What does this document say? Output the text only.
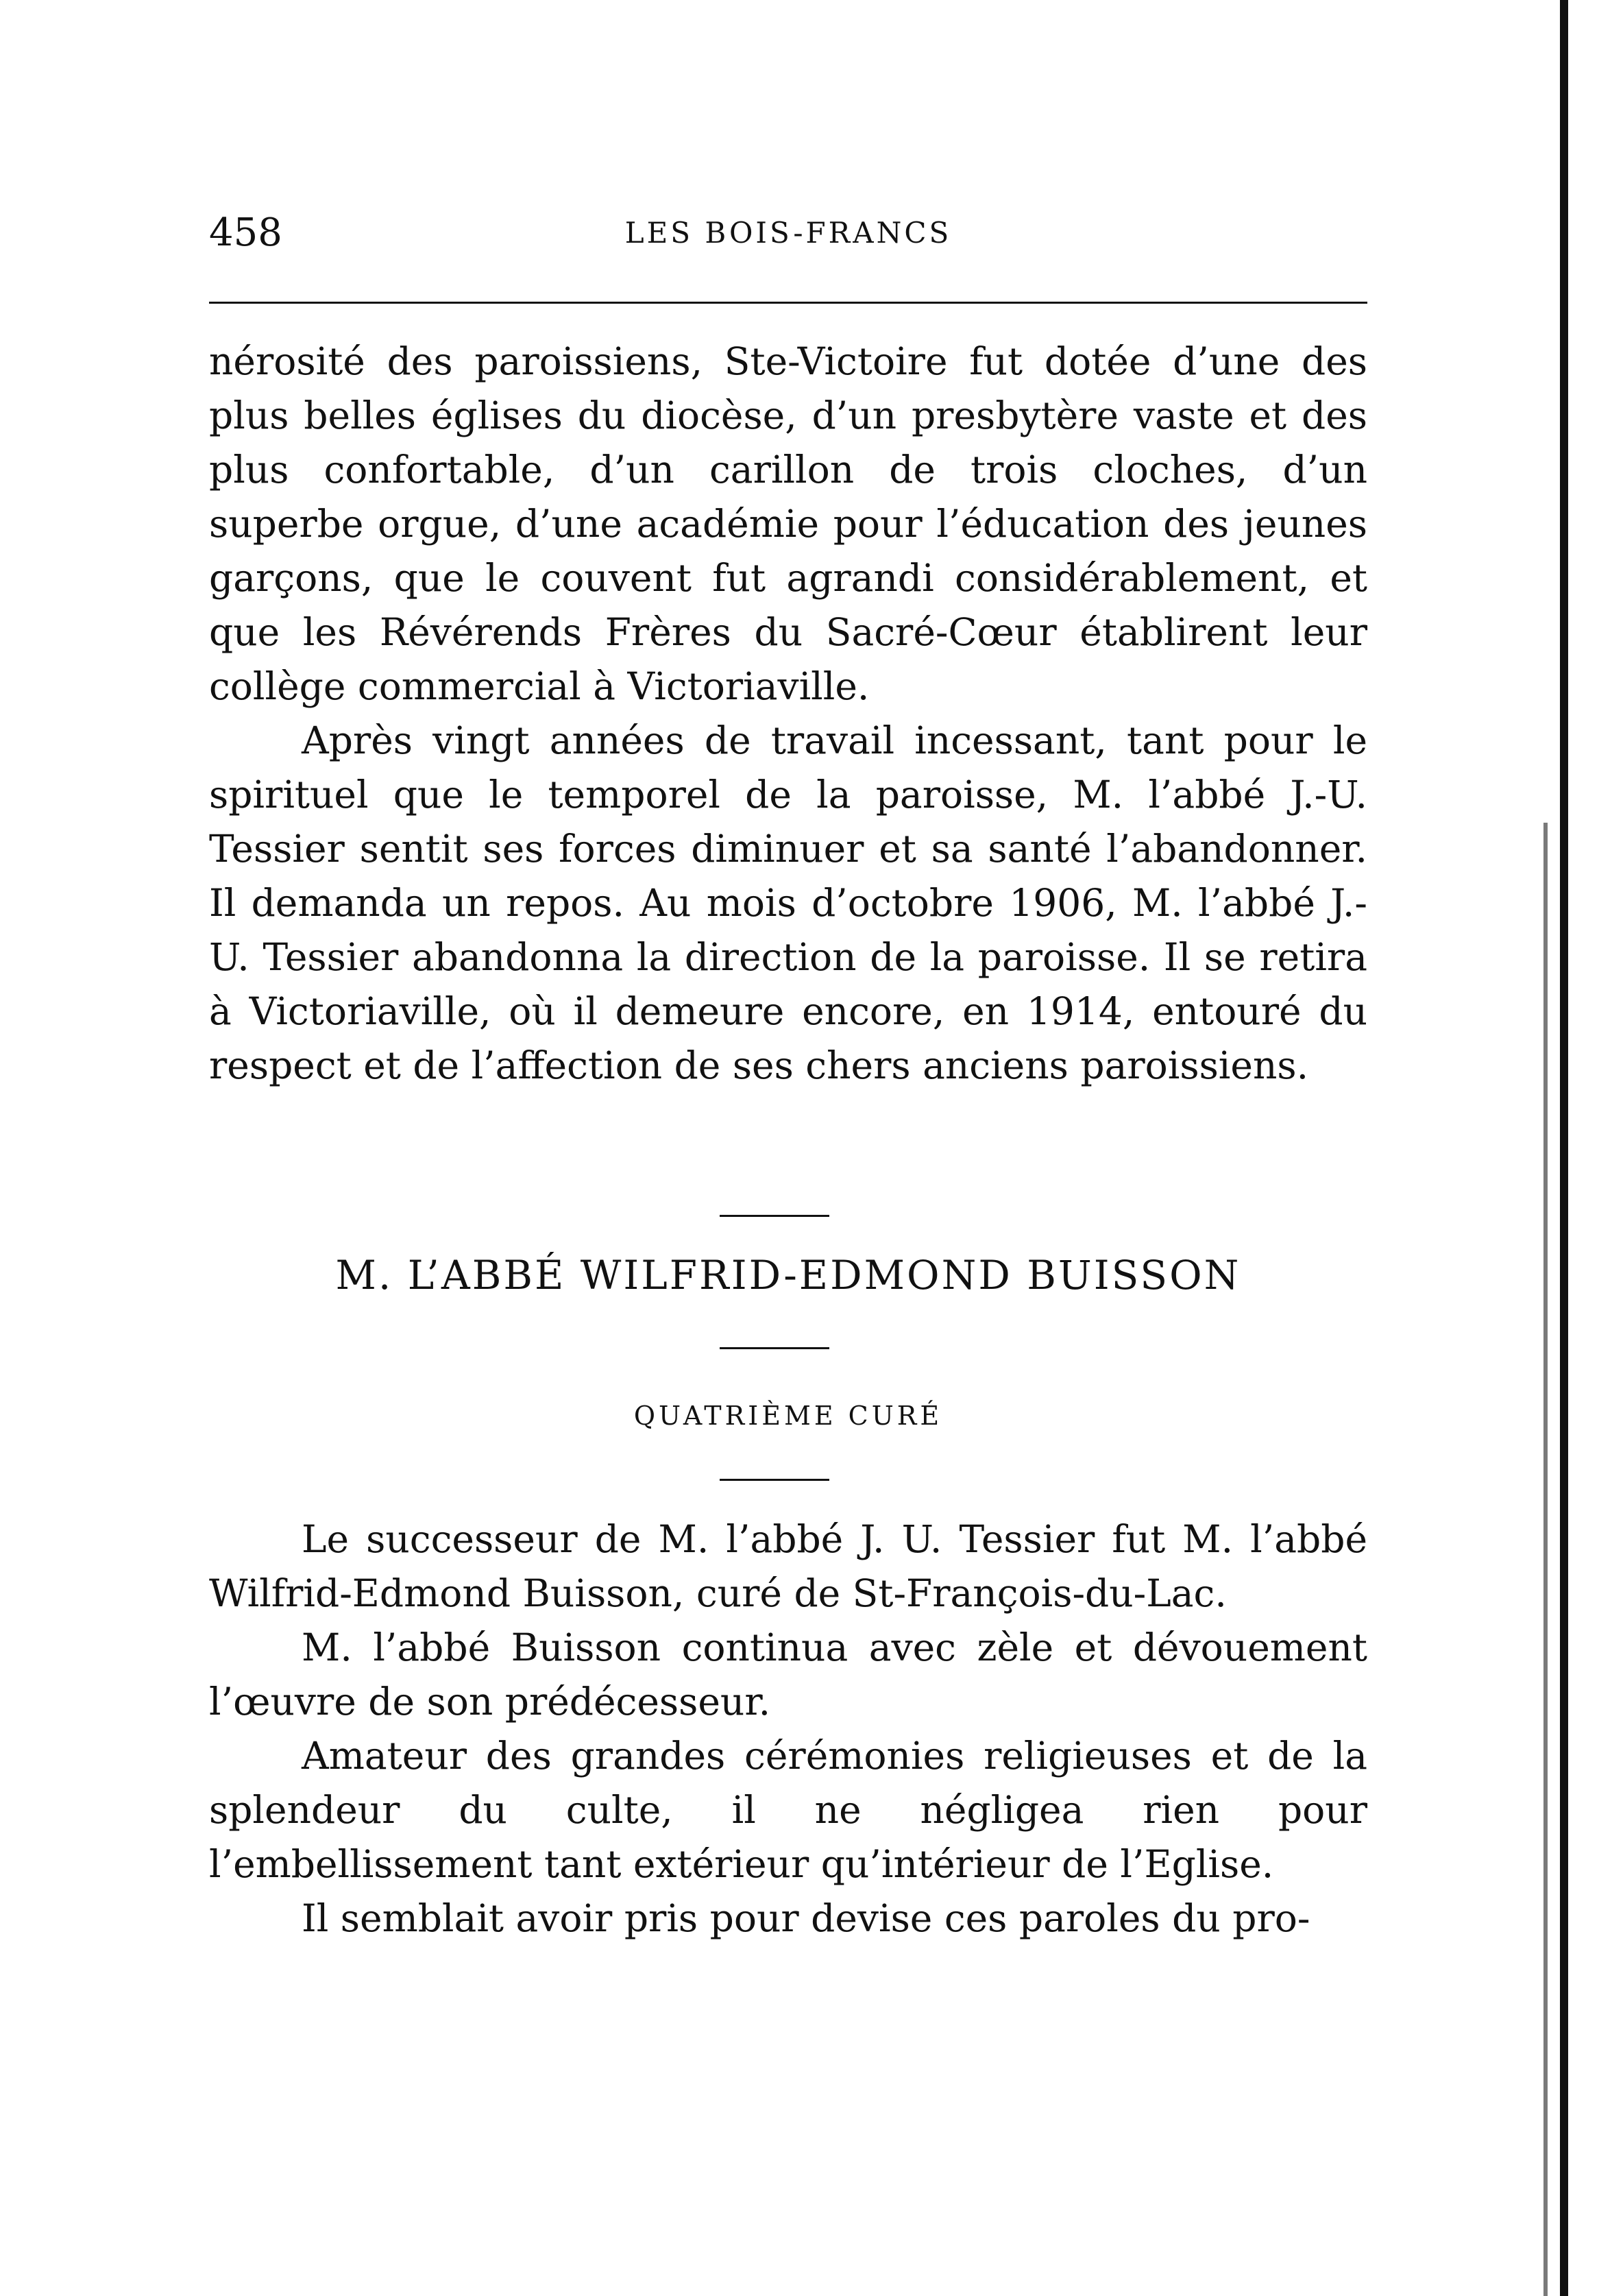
458	LES BOIS-FRANCS

nérosité des paroissiens, Ste-Victoire fut dotée d’une des plus belles églises du diocèse, d’un presbytère vaste et des plus confortable, d’un carillon de trois cloches, d’un superbe orgue, d’une académie pour l’éducation des jeunes garçons, que le couvent fut agrandi considérablement, et que les Révérends Frères du Sacré-Cœur établirent leur collège commercial à Victoriaville.

Après vingt années de travail incessant, tant pour le spirituel que le temporel de la paroisse, M. l’abbé J.-U. Tessier sentit ses forces diminuer et sa santé l’abandonner. Il demanda un repos. Au mois d’octobre 1906, M. l’abbé J.-U. Tessier abandonna la direction de la paroisse. Il se retira à Victoriaville, où il demeure encore, en 1914, entouré du respect et de l’affection de ses chers anciens paroissiens.

M. L’ABBÉ WILFRID-EDMOND BUISSON
QUATRIÈME CURÉ

Le successeur de M. l’abbé J. U. Tessier fut M. l’abbé Wilfrid-Edmond Buisson, curé de St-François-du-Lac.

M. l’abbé Buisson continua avec zèle et dévouement l’œuvre de son prédécesseur.

Amateur des grandes cérémonies religieuses et de la splendeur du culte, il ne négligea rien pour l’embellissement tant extérieur qu’intérieur de l’Eglise.

Il semblait avoir pris pour devise ces paroles du pro-
